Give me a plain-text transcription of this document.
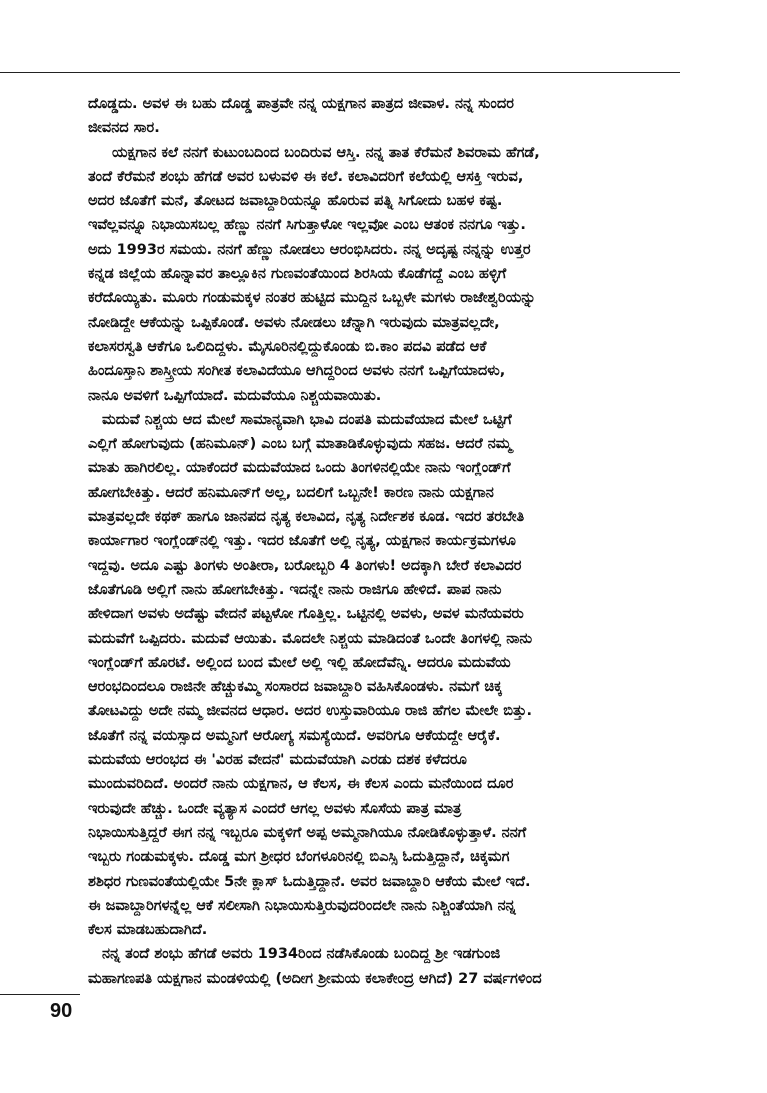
ದೊಡ್ಡದು. ಅವಳ ಈ ಬಹು ದೊಡ್ಡ ಪಾತ್ರವೇ ನನ್ನ ಯಕ್ಷಗಾನ ಪಾತ್ರದ ಜೀವಾಳ. ನನ್ನ ಸುಂದರ
ಜೀವನದ ಸಾರ.
ಯಕ್ಷಗಾನ ಕಲೆ ನನಗೆ ಕುಟುಂಬದಿಂದ ಬಂದಿರುವ ಆಸ್ತಿ. ನನ್ನ ತಾತ ಕೆರೆಮನೆ ಶಿವರಾಮ ಹೆಗಡೆ,
ತಂದೆ ಕೆರೆಮನೆ ಶಂಭು ಹೆಗಡೆ ಅವರ ಬಳುವಳಿ ಈ ಕಲೆ. ಕಲಾವಿದರಿಗೆ ಕಲೆಯಲ್ಲಿ ಆಸಕ್ತಿ ಇರುವ,
ಅದರ ಜೊತೆಗೆ ಮನೆ, ತೋಟದ ಜವಾಬ್ದಾರಿಯನ್ನೂ ಹೊರುವ ಪತ್ನಿ ಸಿಗೋದು ಬಹಳ ಕಷ್ಟ.
ಇವೆಲ್ಲವನ್ನೂ ನಿಭಾಯಿಸಬಲ್ಲ ಹೆಣ್ಣು ನನಗೆ ಸಿಗುತ್ತಾಳೋ ಇಲ್ಲವೋ ಎಂಬ ಆತಂಕ ನನಗೂ ಇತ್ತು.
ಅದು 1993ರ ಸಮಯ. ನನಗೆ ಹೆಣ್ಣು ನೋಡಲು ಆರಂಭಿಸಿದರು. ನನ್ನ ಅದೃಷ್ಟ ನನ್ನನ್ನು ಉತ್ತರ
ಕನ್ನಡ ಜಿಲ್ಲೆಯ ಹೊನ್ನಾವರ ತಾಲ್ಲೂಕಿನ ಗುಣವಂತೆಯಿಂದ ಶಿರಸಿಯ ಕೊಡೆಗದ್ದೆ ಎಂಬ ಹಳ್ಳಿಗೆ
ಕರೆದೊಯ್ಯಿತು. ಮೂರು ಗಂಡುಮಕ್ಕಳ ನಂತರ ಹುಟ್ಟಿದ ಮುದ್ದಿನ ಒಬ್ಬಳೇ ಮಗಳು ರಾಜೇಶ್ವರಿಯನ್ನು
ನೋಡಿದ್ದೇ ಆಕೆಯನ್ನು ಒಪ್ಪಿಕೊಂಡೆ. ಅವಳು ನೋಡಲು ಚೆನ್ನಾಗಿ ಇರುವುದು ಮಾತ್ರವಲ್ಲದೇ,
ಕಲಾಸರಸ್ವತಿ ಆಕೆಗೂ ಒಲಿದಿದ್ದಳು. ಮೈಸೂರಿನಲ್ಲಿದ್ದುಕೊಂಡು ಬಿ.ಕಾಂ ಪದವಿ ಪಡೆದ ಆಕೆ
ಹಿಂದೂಸ್ತಾನಿ ಶಾಸ್ತ್ರೀಯ ಸಂಗೀತ ಕಲಾವಿದೆಯೂ ಆಗಿದ್ದರಿಂದ ಅವಳು ನನಗೆ ಒಪ್ಪಿಗೆಯಾದಳು,
ನಾನೂ ಅವಳಿಗೆ ಒಪ್ಪಿಗೆಯಾದೆ. ಮದುವೆಯೂ ನಿಶ್ಚಯವಾಯಿತು.
ಮದುವೆ ನಿಶ್ಚಯ ಆದ ಮೇಲೆ ಸಾಮಾನ್ಯವಾಗಿ ಭಾವಿ ದಂಪತಿ ಮದುವೆಯಾದ ಮೇಲೆ ಒಟ್ಟಿಗೆ
ಎಲ್ಲಿಗೆ ಹೋಗುವುದು (ಹನಿಮೂನ್) ಎಂಬ ಬಗ್ಗೆ ಮಾತಾಡಿಕೊಳ್ಳುವುದು ಸಹಜ. ಆದರೆ ನಮ್ಮ
ಮಾತು ಹಾಗಿರಲಿಲ್ಲ. ಯಾಕೆಂದರೆ ಮದುವೆಯಾದ ಒಂದು ತಿಂಗಳಿನಲ್ಲಿಯೇ ನಾನು ಇಂಗ್ಲೆಂಡ್‌ಗೆ
ಹೋಗಬೇಕಿತ್ತು. ಆದರೆ ಹನಿಮೂನ್‌ಗೆ ಅಲ್ಲ, ಬದಲಿಗೆ ಒಬ್ಬನೇ! ಕಾರಣ ನಾನು ಯಕ್ಷಗಾನ
ಮಾತ್ರವಲ್ಲದೇ ಕಥಕ್ ಹಾಗೂ ಜಾನಪದ ನೃತ್ಯ ಕಲಾವಿದ, ನೃತ್ಯ ನಿರ್ದೇಶಕ ಕೂಡ. ಇದರ ತರಬೇತಿ
ಕಾರ್ಯಾಗಾರ ಇಂಗ್ಲೆಂಡ್‌ನಲ್ಲಿ ಇತ್ತು. ಇದರ ಜೊತೆಗೆ ಅಲ್ಲಿ ನೃತ್ಯ, ಯಕ್ಷಗಾನ ಕಾರ್ಯಕ್ರಮಗಳೂ
ಇದ್ದವು. ಅದೂ ಎಷ್ಟು ತಿಂಗಳು ಅಂತೀರಾ, ಬರೋಬ್ಬರಿ 4 ತಿಂಗಳು! ಅದಕ್ಕಾಗಿ ಬೇರೆ ಕಲಾವಿದರ
ಜೊತೆಗೂಡಿ ಅಲ್ಲಿಗೆ ನಾನು ಹೋಗಬೇಕಿತ್ತು. ಇದನ್ನೇ ನಾನು ರಾಜಿಗೂ ಹೇಳಿದೆ. ಪಾಪ ನಾನು
ಹೇಳಿದಾಗ ಅವಳು ಅದೆಷ್ಟು ವೇದನೆ ಪಟ್ಟಳೋ ಗೊತ್ತಿಲ್ಲ. ಒಟ್ಟಿನಲ್ಲಿ ಅವಳು, ಅವಳ ಮನೆಯವರು
ಮದುವೆಗೆ ಒಪ್ಪಿದರು. ಮದುವೆ ಆಯಿತು. ಮೊದಲೇ ನಿಶ್ಚಯ ಮಾಡಿದಂತೆ ಒಂದೇ ತಿಂಗಳಲ್ಲಿ ನಾನು
ಇಂಗ್ಲೆಂಡ್‌ಗೆ ಹೊರಟೆ. ಅಲ್ಲಿಂದ ಬಂದ ಮೇಲೆ ಅಲ್ಲಿ ಇಲ್ಲಿ ಹೋದೆವೆನ್ನಿ. ಆದರೂ ಮದುವೆಯ
ಆರಂಭದಿಂದಲೂ ರಾಜಿನೇ ಹೆಚ್ಚುಕಮ್ಮಿ ಸಂಸಾರದ ಜವಾಬ್ದಾರಿ ವಹಿಸಿಕೊಂಡಳು. ನಮಗೆ ಚಿಕ್ಕ
ತೋಟವಿದ್ದು ಅದೇ ನಮ್ಮ ಜೀವನದ ಆಧಾರ. ಅದರ ಉಸ್ತುವಾರಿಯೂ ರಾಜಿ ಹೆಗಲ ಮೇಲೇ ಬಿತ್ತು.
ಜೊತೆಗೆ ನನ್ನ ವಯಸ್ಸಾದ ಅಮ್ಮನಿಗೆ ಆರೋಗ್ಯ ಸಮಸ್ಯೆಯಿದೆ. ಅವರಿಗೂ ಆಕೆಯದ್ದೇ ಆರೈಕೆ.
ಮದುವೆಯ ಆರಂಭದ ಈ 'ವಿರಹ ವೇದನೆ' ಮದುವೆಯಾಗಿ ಎರಡು ದಶಕ ಕಳೆದರೂ
ಮುಂದುವರಿದಿದೆ. ಅಂದರೆ ನಾನು ಯಕ್ಷಗಾನ, ಆ ಕೆಲಸ, ಈ ಕೆಲಸ ಎಂದು ಮನೆಯಿಂದ ದೂರ
ಇರುವುದೇ ಹೆಚ್ಚು. ಒಂದೇ ವ್ಯತ್ಯಾಸ ಎಂದರೆ ಆಗಲ್ಲ ಅವಳು ಸೊಸೆಯ ಪಾತ್ರ ಮಾತ್ರ
ನಿಭಾಯಿಸುತ್ತಿದ್ದರೆ ಈಗ ನನ್ನ ಇಬ್ಬರೂ ಮಕ್ಕಳಿಗೆ ಅಪ್ಪ ಅಮ್ಮನಾಗಿಯೂ ನೋಡಿಕೊಳ್ಳುತ್ತಾಳೆ. ನನಗೆ
ಇಬ್ಬರು ಗಂಡುಮಕ್ಕಳು. ದೊಡ್ಡ ಮಗ ಶ್ರೀಧರ ಬೆಂಗಳೂರಿನಲ್ಲಿ ಬಿಎಸ್ಸಿ ಓದುತ್ತಿದ್ದಾನೆ, ಚಿಕ್ಕಮಗ
ಶಶಿಧರ ಗುಣವಂತೆಯಲ್ಲಿಯೇ 5ನೇ ಕ್ಲಾಸ್ ಓದುತ್ತಿದ್ದಾನೆ. ಅವರ ಜವಾಬ್ದಾರಿ ಆಕೆಯ ಮೇಲೆ ಇದೆ.
ಈ ಜವಾಬ್ದಾರಿಗಳನ್ನೆಲ್ಲ ಆಕೆ ಸಲೀಸಾಗಿ ನಿಭಾಯಿಸುತ್ತಿರುವುದರಿಂದಲೇ ನಾನು ನಿಶ್ಚಿಂತೆಯಾಗಿ ನನ್ನ
ಕೆಲಸ ಮಾಡಬಹುದಾಗಿದೆ.
ನನ್ನ ತಂದೆ ಶಂಭು ಹೆಗಡೆ ಅವರು 1934ರಿಂದ ನಡೆಸಿಕೊಂಡು ಬಂದಿದ್ದ ಶ್ರೀ ಇಡಗುಂಜಿ
ಮಹಾಗಣಪತಿ ಯಕ್ಷಗಾನ ಮಂಡಳಿಯಲ್ಲಿ (ಅದೀಗ ಶ್ರೀಮಯ ಕಲಾಕೇಂದ್ರ ಆಗಿದೆ) 27 ವರ್ಷಗಳಿಂದ
90
